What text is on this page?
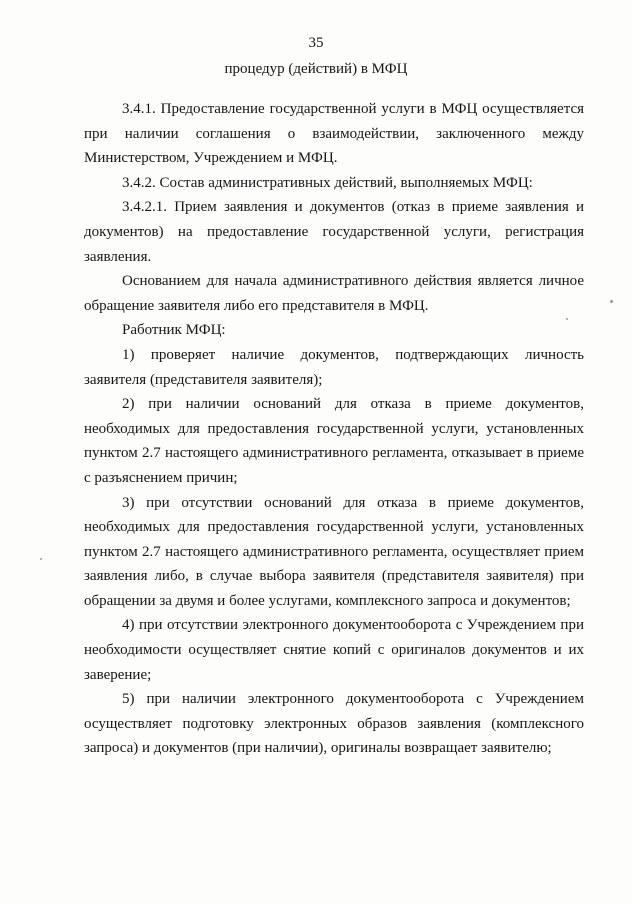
35
процедур (действий) в МФЦ

3.4.1. Предоставление государственной услуги в МФЦ осуществляется при наличии соглашения о взаимодействии, заключенного между Министерством, Учреждением и МФЦ.

3.4.2. Состав административных действий, выполняемых МФЦ:

3.4.2.1. Прием заявления и документов (отказ в приеме заявления и документов) на предоставление государственной услуги, регистрация заявления.

Основанием для начала административного действия является личное обращение заявителя либо его представителя в МФЦ.

Работник МФЦ:

1) проверяет наличие документов, подтверждающих личность заявителя (представителя заявителя);

2) при наличии оснований для отказа в приеме документов, необходимых для предоставления государственной услуги, установленных пунктом 2.7 настоящего административного регламента, отказывает в приеме с разъяснением причин;

3) при отсутствии оснований для отказа в приеме документов, необходимых для предоставления государственной услуги, установленных пунктом 2.7 настоящего административного регламента, осуществляет прием заявления либо, в случае выбора заявителя (представителя заявителя) при обращении за двумя и более услугами, комплексного запроса и документов;

4) при отсутствии электронного документооборота с Учреждением при необходимости осуществляет снятие копий с оригиналов документов и их заверение;

5) при наличии электронного документооборота с Учреждением осуществляет подготовку электронных образов заявления (комплексного запроса) и документов (при наличии), оригиналы возвращает заявителю;
